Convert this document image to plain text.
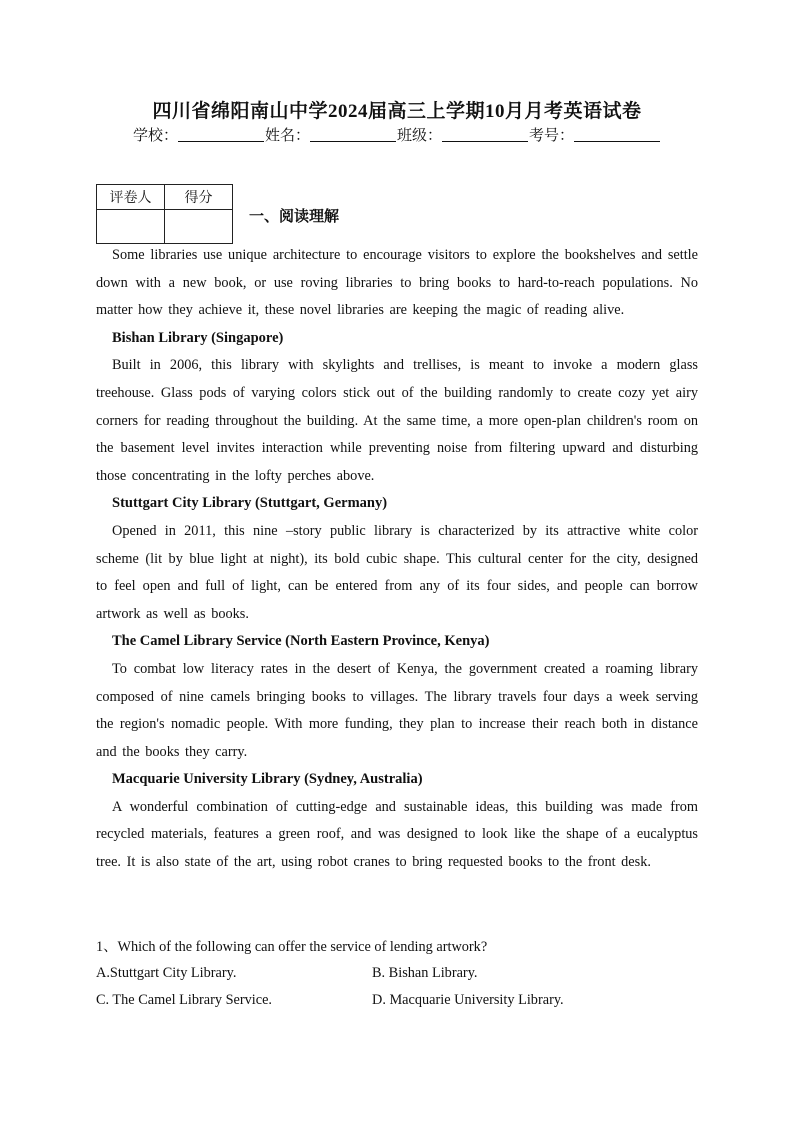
四川省绵阳南山中学2024届高三上学期10月月考英语试卷
学校：	姓名：	班级：	考号：
评卷人	得分

一、阅读理解

Some libraries use unique architecture to encourage visitors to explore the bookshelves and settle down with a new book, or use roving libraries to bring books to hard-to-reach populations. No matter how they achieve it, these novel libraries are keeping the magic of reading alive.

Bishan Library (Singapore)

Built in 2006, this library with skylights and trellises, is meant to invoke a modern glass treehouse. Glass pods of varying colors stick out of the building randomly to create cozy yet airy corners for reading throughout the building. At the same time, a more open-plan children's room on the basement level invites interaction while preventing noise from filtering upward and disturbing those concentrating in the lofty perches above.

Stuttgart City Library (Stuttgart, Germany)

Opened in 2011, this nine –story public library is characterized by its attractive white color scheme (lit by blue light at night), its bold cubic shape. This cultural center for the city, designed to feel open and full of light, can be entered from any of its four sides, and people can borrow artwork as well as books.

The Camel Library Service (North Eastern Province, Kenya)

To combat low literacy rates in the desert of Kenya, the government created a roaming library composed of nine camels bringing books to villages. The library travels four days a week serving the region's nomadic people. With more funding, they plan to increase their reach both in distance and the books they carry.

Macquarie University Library (Sydney, Australia)

A wonderful combination of cutting-edge and sustainable ideas, this building was made from recycled materials, features a green roof, and was designed to look like the shape of a eucalyptus tree. It is also state of the art, using robot cranes to bring requested books to the front desk.

1、Which of the following can offer the service of lending artwork?
A.Stuttgart City Library.	B. Bishan Library.
C. The Camel Library Service.	D. Macquarie University Library.
